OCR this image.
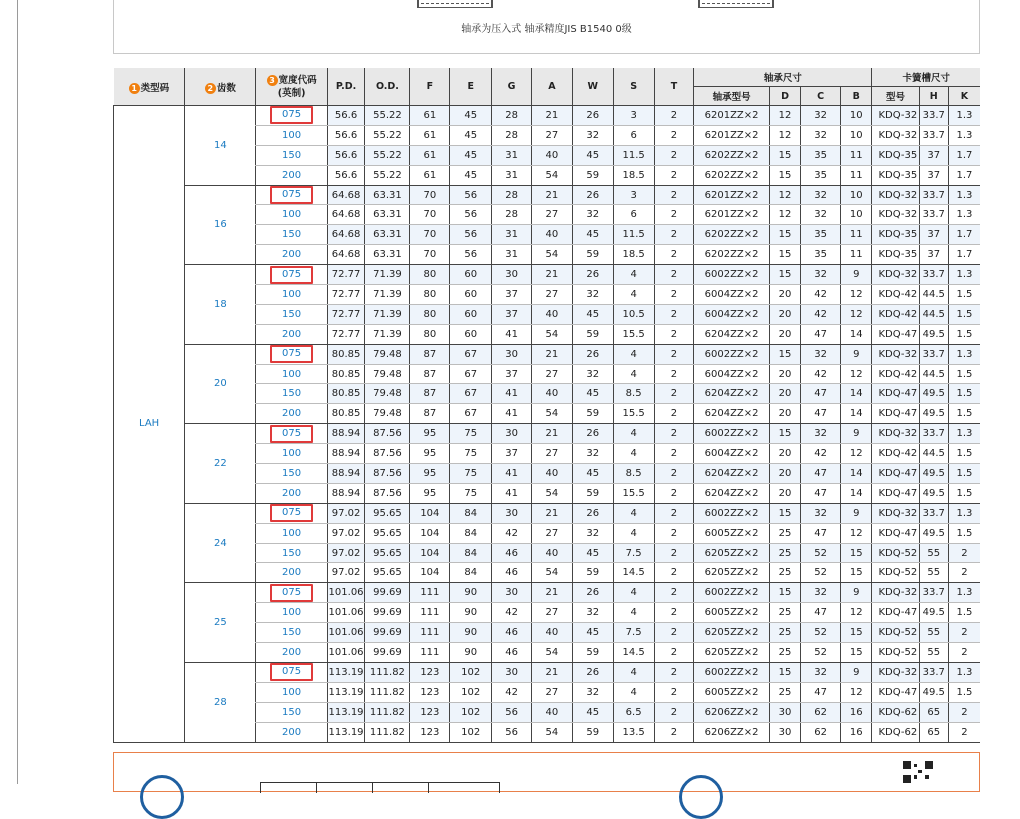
轴承为压入式 轴承精度JIS B1540 0级
1 类型码	2 齿数	3 宽度代码
(英制)	P.D.	O.D.	F	E	G	A	W	S	T	轴承尺寸				卡簧槽尺寸		
												轴承型号	D	C	B	型号	H	K
LAH	14	075	56.6	55.22	61	45	28	21	26	3	2	6201ZZ×2	12	32	10	KDQ-32	33.7	1.3
		100	56.6	55.22	61	45	28	27	32	6	2	6201ZZ×2	12	32	10	KDQ-32	33.7	1.3
		150	56.6	55.22	61	45	31	40	45	11.5	2	6202ZZ×2	15	35	11	KDQ-35	37	1.7
		200	56.6	55.22	61	45	31	54	59	18.5	2	6202ZZ×2	15	35	11	KDQ-35	37	1.7
	16	075	64.68	63.31	70	56	28	21	26	3	2	6201ZZ×2	12	32	10	KDQ-32	33.7	1.3
		100	64.68	63.31	70	56	28	27	32	6	2	6201ZZ×2	12	32	10	KDQ-32	33.7	1.3
		150	64.68	63.31	70	56	31	40	45	11.5	2	6202ZZ×2	15	35	11	KDQ-35	37	1.7
		200	64.68	63.31	70	56	31	54	59	18.5	2	6202ZZ×2	15	35	11	KDQ-35	37	1.7
	18	075	72.77	71.39	80	60	30	21	26	4	2	6002ZZ×2	15	32	9	KDQ-32	33.7	1.3
		100	72.77	71.39	80	60	37	27	32	4	2	6004ZZ×2	20	42	12	KDQ-42	44.5	1.5
		150	72.77	71.39	80	60	37	40	45	10.5	2	6004ZZ×2	20	42	12	KDQ-42	44.5	1.5
		200	72.77	71.39	80	60	41	54	59	15.5	2	6204ZZ×2	20	47	14	KDQ-47	49.5	1.5
	20	075	80.85	79.48	87	67	30	21	26	4	2	6002ZZ×2	15	32	9	KDQ-32	33.7	1.3
		100	80.85	79.48	87	67	37	27	32	4	2	6004ZZ×2	20	42	12	KDQ-42	44.5	1.5
		150	80.85	79.48	87	67	41	40	45	8.5	2	6204ZZ×2	20	47	14	KDQ-47	49.5	1.5
		200	80.85	79.48	87	67	41	54	59	15.5	2	6204ZZ×2	20	47	14	KDQ-47	49.5	1.5
	22	075	88.94	87.56	95	75	30	21	26	4	2	6002ZZ×2	15	32	9	KDQ-32	33.7	1.3
		100	88.94	87.56	95	75	37	27	32	4	2	6004ZZ×2	20	42	12	KDQ-42	44.5	1.5
		150	88.94	87.56	95	75	41	40	45	8.5	2	6204ZZ×2	20	47	14	KDQ-47	49.5	1.5
		200	88.94	87.56	95	75	41	54	59	15.5	2	6204ZZ×2	20	47	14	KDQ-47	49.5	1.5
	24	075	97.02	95.65	104	84	30	21	26	4	2	6002ZZ×2	15	32	9	KDQ-32	33.7	1.3
		100	97.02	95.65	104	84	42	27	32	4	2	6005ZZ×2	25	47	12	KDQ-47	49.5	1.5
		150	97.02	95.65	104	84	46	40	45	7.5	2	6205ZZ×2	25	52	15	KDQ-52	55	2
		200	97.02	95.65	104	84	46	54	59	14.5	2	6205ZZ×2	25	52	15	KDQ-52	55	2
	25	075	101.06	99.69	111	90	30	21	26	4	2	6002ZZ×2	15	32	9	KDQ-32	33.7	1.3
		100	101.06	99.69	111	90	42	27	32	4	2	6005ZZ×2	25	47	12	KDQ-47	49.5	1.5
		150	101.06	99.69	111	90	46	40	45	7.5	2	6205ZZ×2	25	52	15	KDQ-52	55	2
		200	101.06	99.69	111	90	46	54	59	14.5	2	6205ZZ×2	25	52	15	KDQ-52	55	2
	28	075	113.19	111.82	123	102	30	21	26	4	2	6002ZZ×2	15	32	9	KDQ-32	33.7	1.3
		100	113.19	111.82	123	102	42	27	32	4	2	6005ZZ×2	25	47	12	KDQ-47	49.5	1.5
		150	113.19	111.82	123	102	56	40	45	6.5	2	6206ZZ×2	30	62	16	KDQ-62	65	2
		200	113.19	111.82	123	102	56	54	59	13.5	2	6206ZZ×2	30	62	16	KDQ-62	65	2
